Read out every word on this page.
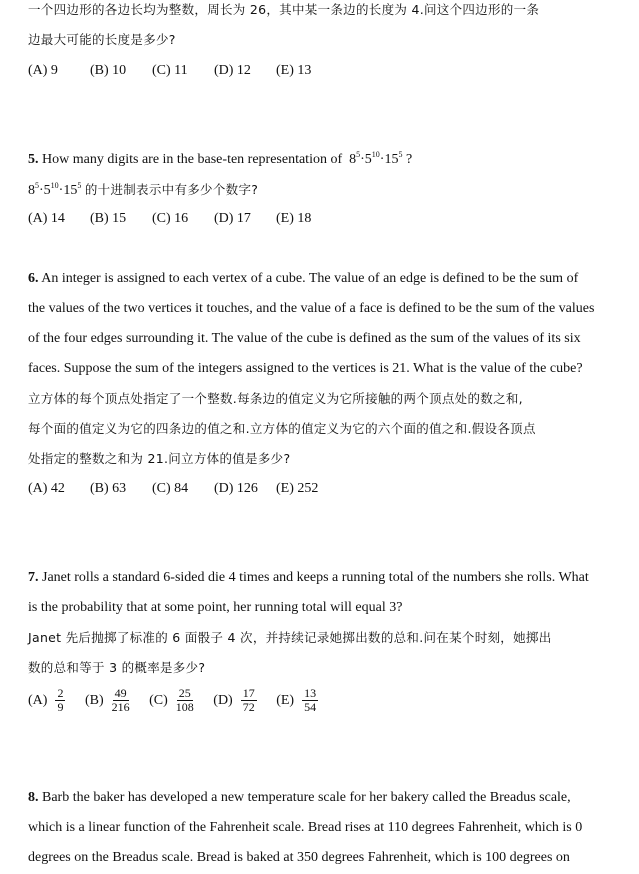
一个四边形的各边长均为整数，周长为 26，其中某一条边的长度为 4.问这个四边形的一条
边最大可能的长度是多少?
(A) 9 (B) 10 (C) 11 (D) 12 (E) 13
5. How many digits are in the base-ten representation of $8^5\cdot 5^{10}\cdot 15^5$ ?
$8^5\cdot 5^{10}\cdot 15^5$ 的十进制表示中有多少个数字?
(A) 14 (B) 15 (C) 16 (D) 17 (E) 18
6. An integer is assigned to each vertex of a cube. The value of an edge is defined to be the sum of
the values of the two vertices it touches, and the value of a face is defined to be the sum of the values
of the four edges surrounding it. The value of the cube is defined as the sum of the values of its six
faces. Suppose the sum of the integers assigned to the vertices is 21. What is the value of the cube?
立方体的每个顶点处指定了一个整数.每条边的值定义为它所接触的两个顶点处的数之和,
每个面的值定义为它的四条边的值之和.立方体的值定义为它的六个面的值之和.假设各顶点
处指定的整数之和为 21.问立方体的值是多少?
(A) 42 (B) 63 (C) 84 (D) 126 (E) 252
7. Janet rolls a standard 6-sided die 4 times and keeps a running total of the numbers she rolls. What
is the probability that at some point, her running total will equal 3?
Janet 先后抛掷了标准的 6 面骰子 4 次，并持续记录她掷出数的总和.问在某个时刻，她掷出
数的总和等于 3 的概率是多少?
$(A) \frac{2}{9}$
$(B) \frac{49}{216}$
$(C) \frac{25}{108}$
$(D) \frac{17}{72}$
$(E) \frac{13}{54}$
8. Barb the baker has developed a new temperature scale for her bakery called the Breadus scale,
which is a linear function of the Fahrenheit scale. Bread rises at 110 degrees Fahrenheit, which is 0
degrees on the Breadus scale. Bread is baked at 350 degrees Fahrenheit, which is 100 degrees on
